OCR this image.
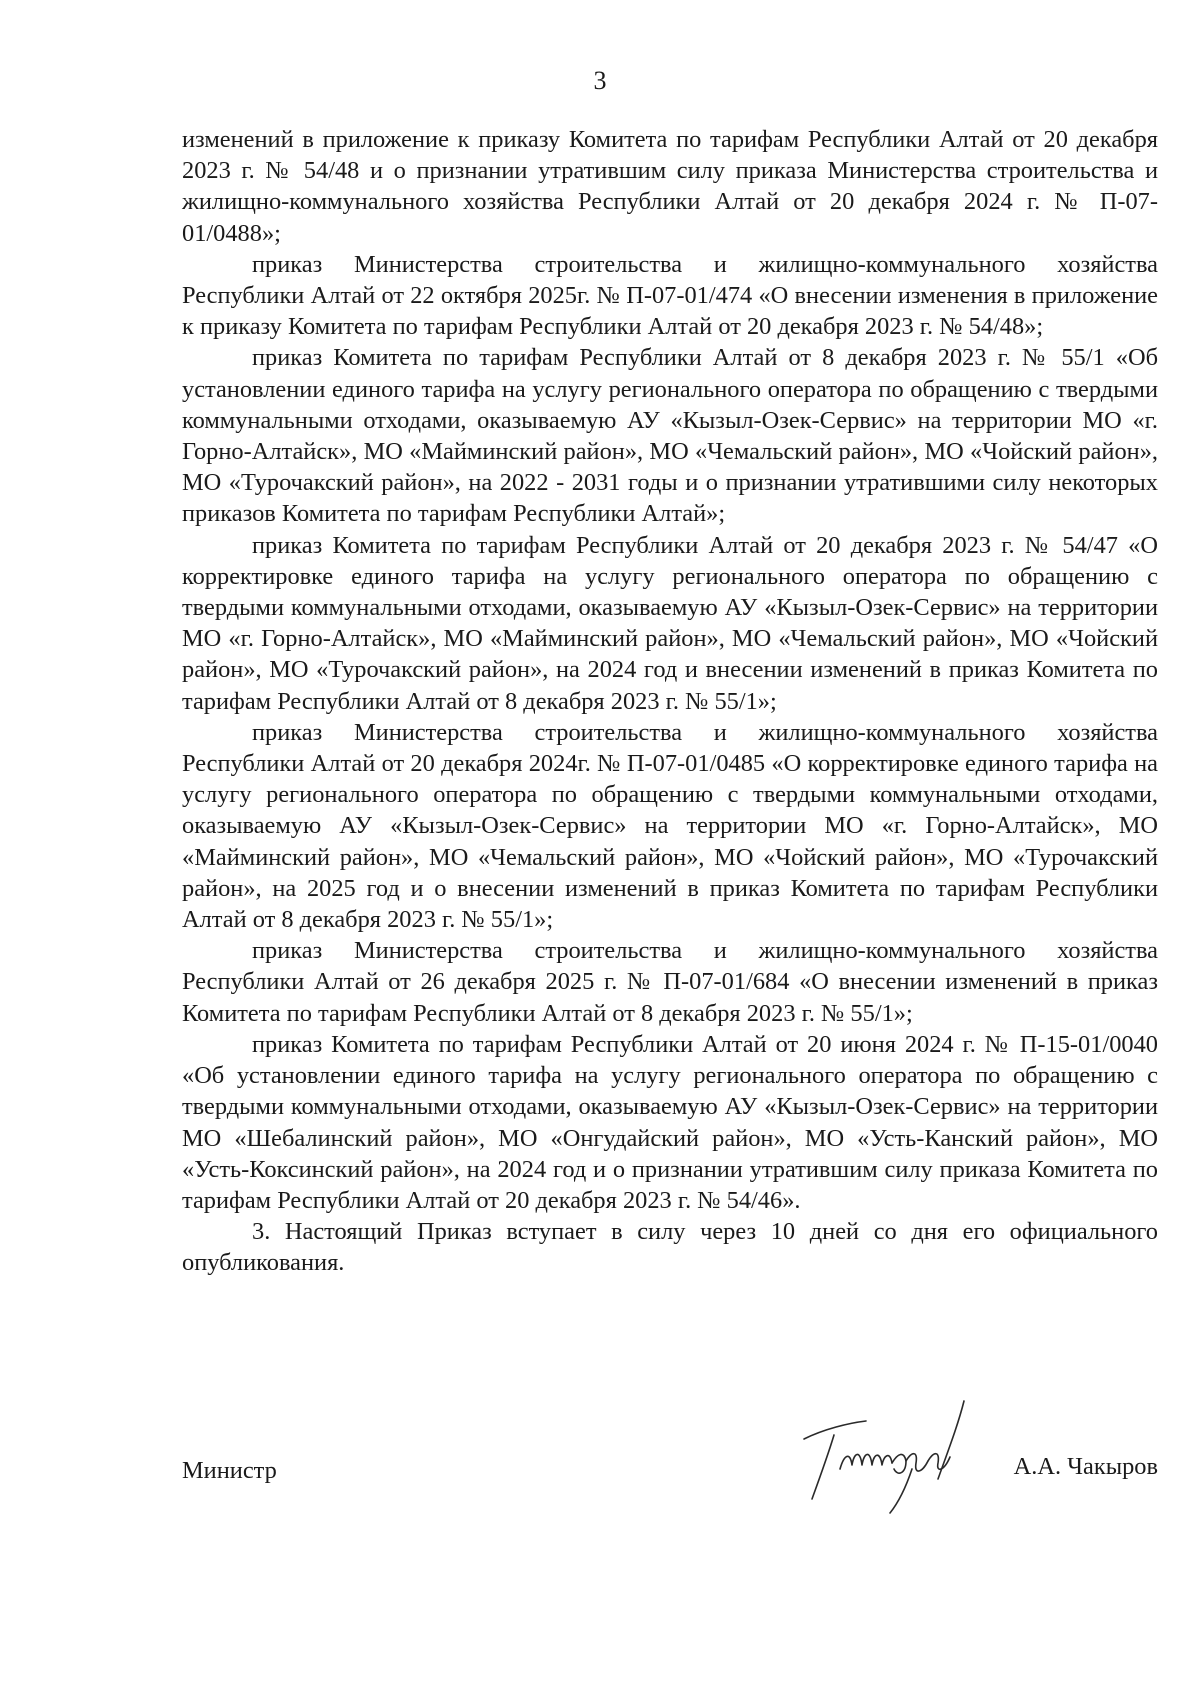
3

изменений в приложение к приказу Комитета по тарифам Республики Алтай от 20 декабря 2023 г. № 54/48 и о признании утратившим силу приказа Министерства строительства и жилищно-коммунального хозяйства Республики Алтай от 20 декабря 2024 г. № П-07-01/0488»;

приказ Министерства строительства и жилищно-коммунального хозяйства Республики Алтай от 22 октября 2025г. № П-07-01/474 «О внесении изменения в приложение к приказу Комитета по тарифам Республики Алтай от 20 декабря 2023 г. № 54/48»;

приказ Комитета по тарифам Республики Алтай от 8 декабря 2023 г. № 55/1 «Об установлении единого тарифа на услугу регионального оператора по обращению с твердыми коммунальными отходами, оказываемую АУ «Кызыл-Озек-Сервис» на территории МО «г. Горно-Алтайск», МО «Майминский район», МО «Чемальский район», МО «Чойский район», МО «Турочакский район», на 2022 - 2031 годы и о признании утратившими силу некоторых приказов Комитета по тарифам Республики Алтай»;

приказ Комитета по тарифам Республики Алтай от 20 декабря 2023 г. № 54/47 «О корректировке единого тарифа на услугу регионального оператора по обращению с твердыми коммунальными отходами, оказываемую АУ «Кызыл-Озек-Сервис» на территории МО «г. Горно-Алтайск», МО «Майминский район», МО «Чемальский район», МО «Чойский район», МО «Турочакский район», на 2024 год и внесении изменений в приказ Комитета по тарифам Республики Алтай от 8 декабря 2023 г. № 55/1»;

приказ Министерства строительства и жилищно-коммунального хозяйства Республики Алтай от 20 декабря 2024г. № П-07-01/0485 «О корректировке единого тарифа на услугу регионального оператора по обращению с твердыми коммунальными отходами, оказываемую АУ «Кызыл-Озек-Сервис» на территории МО «г. Горно-Алтайск», МО «Майминский район», МО «Чемальский район», МО «Чойский район», МО «Турочакский район», на 2025 год и о внесении изменений в приказ Комитета по тарифам Республики Алтай от 8 декабря 2023 г. № 55/1»;

приказ Министерства строительства и жилищно-коммунального хозяйства Республики Алтай от 26 декабря 2025 г. № П-07-01/684 «О внесении изменений в приказ Комитета по тарифам Республики Алтай от 8 декабря 2023 г. № 55/1»;

приказ Комитета по тарифам Республики Алтай от 20 июня 2024 г. № П-15-01/0040 «Об установлении единого тарифа на услугу регионального оператора по обращению с твердыми коммунальными отходами, оказываемую АУ «Кызыл-Озек-Сервис» на территории МО «Шебалинский район», МО «Онгудайский район», МО «Усть-Канский район», МО «Усть-Коксинский район», на 2024 год и о признании утратившим силу приказа Комитета по тарифам Республики Алтай от 20 декабря 2023 г. № 54/46».

3. Настоящий Приказ вступает в силу через 10 дней со дня его официального опубликования.

Министр	А.А. Чакыров
